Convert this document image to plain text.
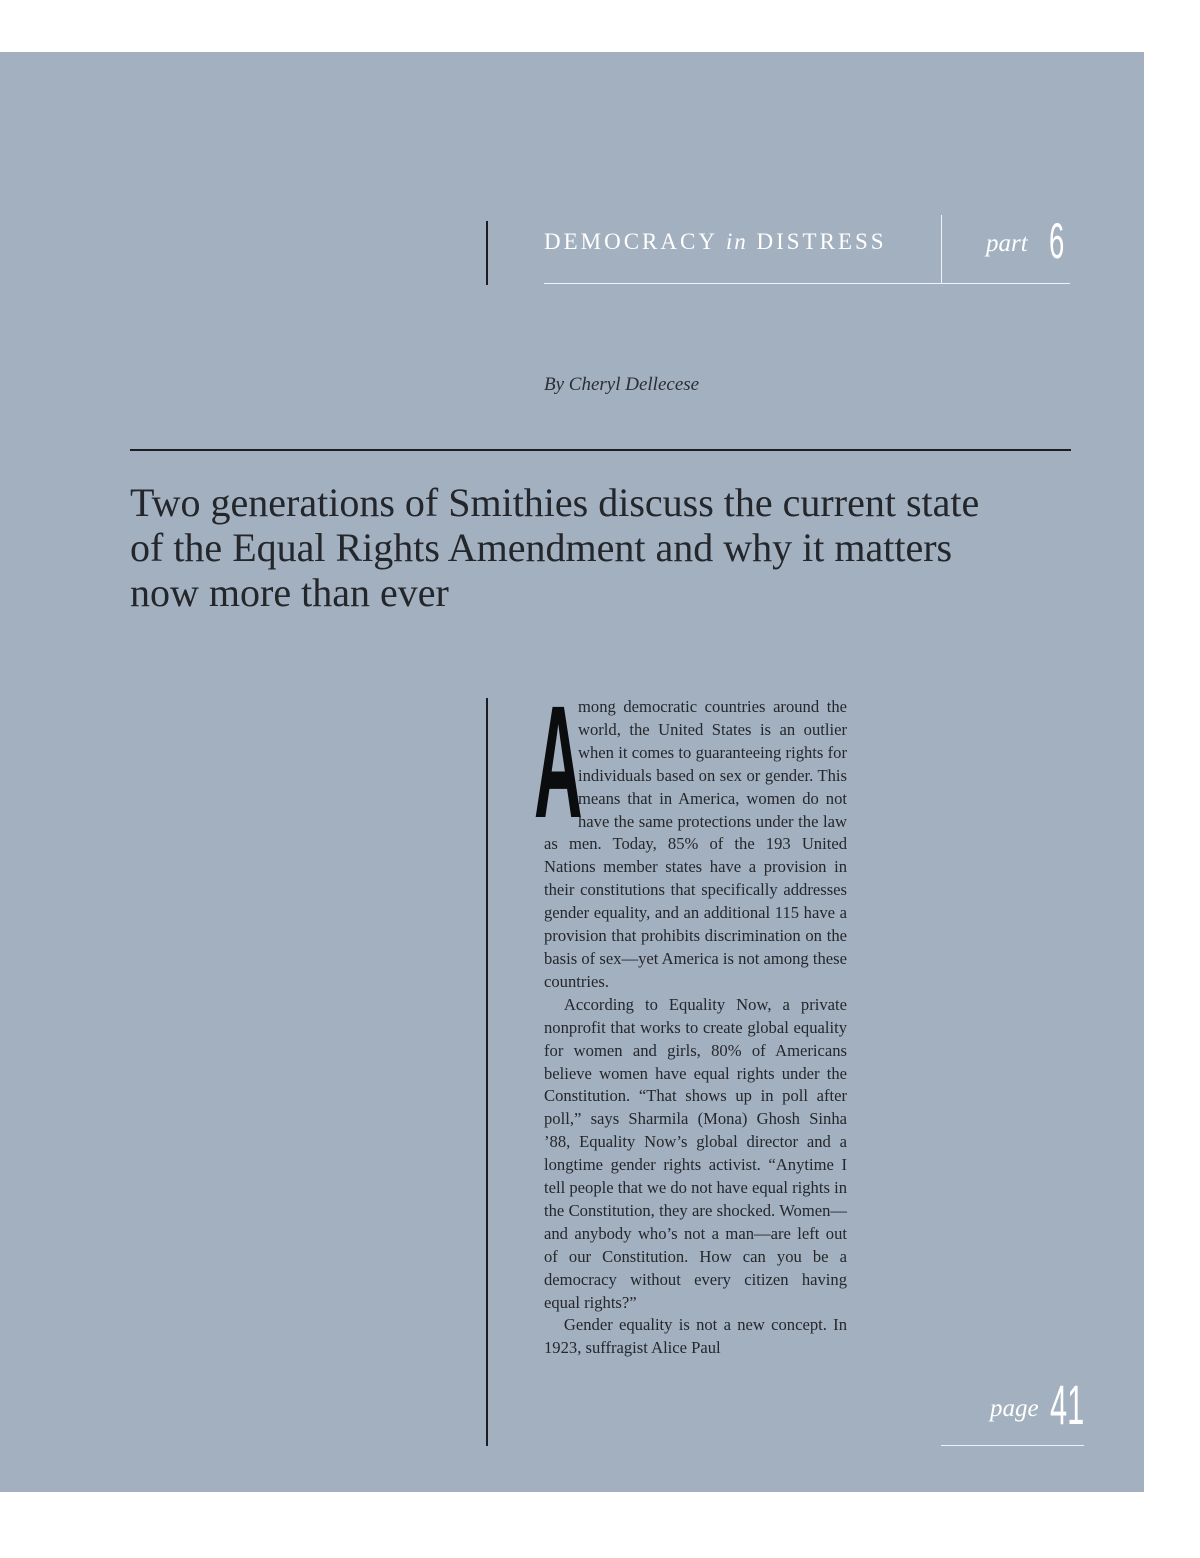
DEMOCRACY in DISTRESS	part 6
By Cheryl Dellecese
Two generations of Smithies discuss the current state of the Equal Rights Amendment and why it matters now more than ever

A
mong democratic countries around the world, the United States is an outlier when it comes to guaranteeing rights for individuals based on sex or gender. This means that in America, women do not have the same protections under the law as men. Today, 85% of the 193 United Nations member states have a provision in their constitutions that specifically addresses gender equality, and an additional 115 have a provision that prohibits discrimination on the basis of sex—yet America is not among these countries.

According to Equality Now, a private nonprofit that works to create global equality for women and girls, 80% of Americans believe women have equal rights under the Constitution. “That shows up in poll after poll,” says Sharmila (Mona) Ghosh Sinha ’88, Equality Now’s global director and a longtime gender rights activist. “Anytime I tell people that we do not have equal rights in the Constitution, they are shocked. Women—and anybody who’s not a man—are left out of our Constitution. How can you be a democracy without every citizen having equal rights?”

Gender equality is not a new concept. In 1923, suffragist Alice Paul

page 41
